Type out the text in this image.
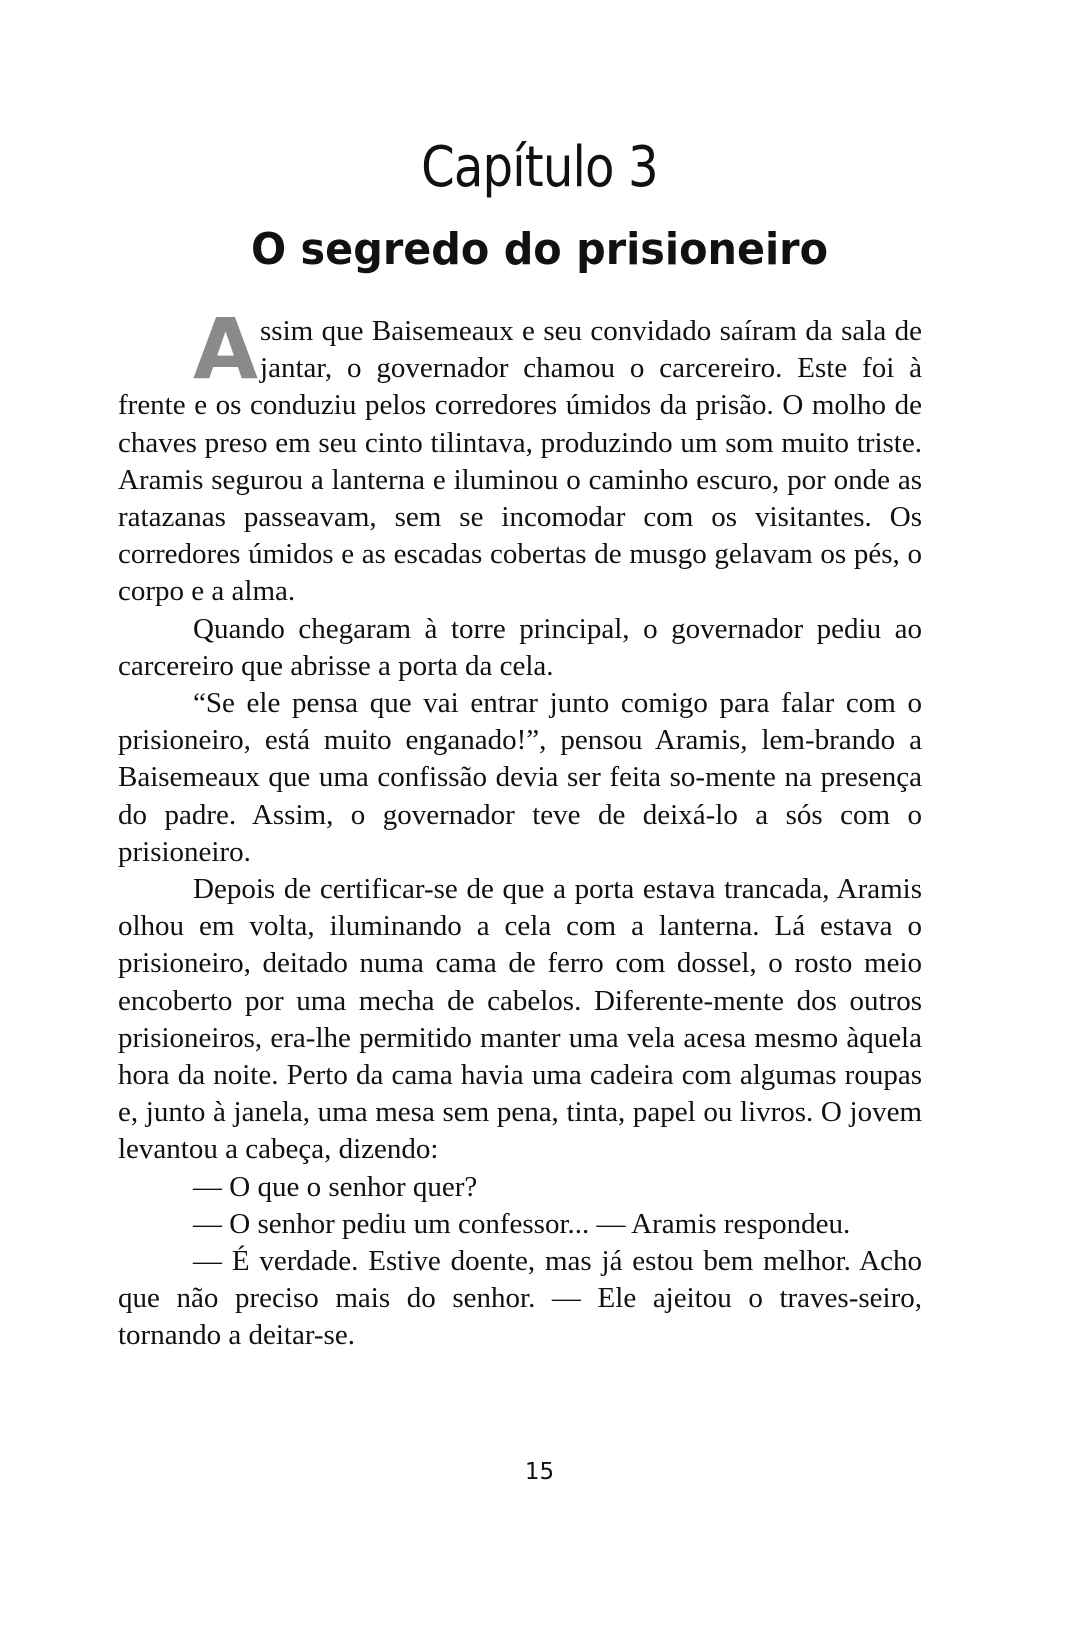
Capítulo 3
O segredo do prisioneiro

Assim que Baisemeaux e seu convidado saíram da sala de jantar, o governador chamou o carcereiro. Este foi à frente e os conduziu pelos corredores úmidos da prisão. O molho de chaves preso em seu cinto tilintava, produzindo um som muito triste. Aramis segurou a lanterna e iluminou o caminho escuro, por onde as ratazanas passeavam, sem se incomodar com os visitantes. Os corredores úmidos e as escadas cobertas de musgo gelavam os pés, o corpo e a alma.

Quando chegaram à torre principal, o governador pediu ao carcereiro que abrisse a porta da cela.

“Se ele pensa que vai entrar junto comigo para falar com o prisioneiro, está muito enganado!”, pensou Aramis, lem-brando a Baisemeaux que uma confissão devia ser feita so-mente na presença do padre. Assim, o governador teve de deixá-lo a sós com o prisioneiro.

Depois de certificar-se de que a porta estava trancada, Aramis olhou em volta, iluminando a cela com a lanterna. Lá estava o prisioneiro, deitado numa cama de ferro com dossel, o rosto meio encoberto por uma mecha de cabelos. Diferente-mente dos outros prisioneiros, era-lhe permitido manter uma vela acesa mesmo àquela hora da noite. Perto da cama havia uma cadeira com algumas roupas e, junto à janela, uma mesa sem pena, tinta, papel ou livros. O jovem levantou a cabeça, dizendo:

— O que o senhor quer?

— O senhor pediu um confessor... — Aramis respondeu.

— É verdade. Estive doente, mas já estou bem melhor. Acho que não preciso mais do senhor. — Ele ajeitou o traves-seiro, tornando a deitar-se.

15
